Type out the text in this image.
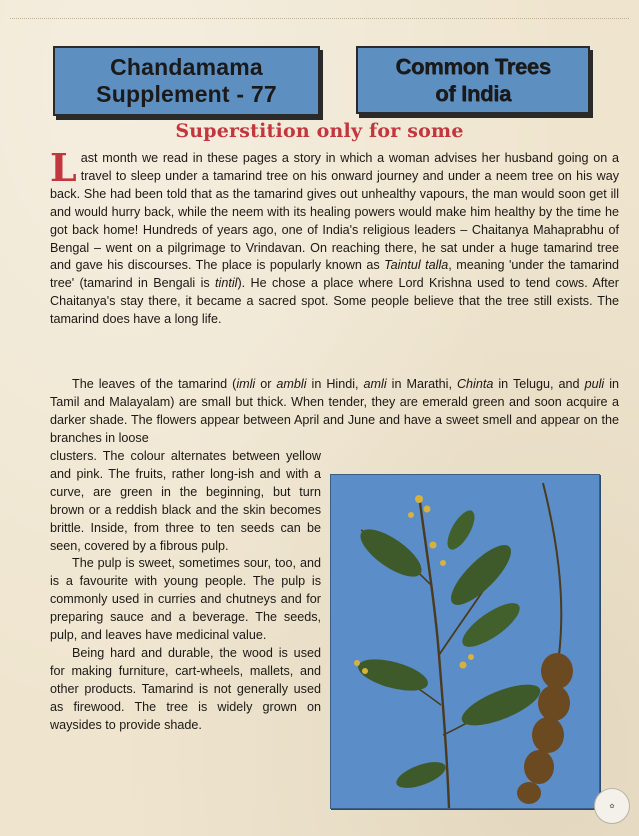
Chandamama
Supplement - 77
Common Trees
of India
Superstition only for some

Last month we read in these pages a story in which a woman advises her husband going on a travel to sleep under a tamarind tree on his onward journey and under a neem tree on his way back. She had been told that as the tamarind gives out unhealthy vapours, the man would soon get ill and would hurry back, while the neem with its healing powers would make him healthy by the time he got back home! Hundreds of years ago, one of India's religious leaders – Chaitanya Mahaprabhu of Bengal – went on a pilgrimage to Vrindavan. On reaching there, he sat under a huge tamarind tree and gave his discourses. The place is popularly known as Taintul talla, meaning 'under the tamarind tree' (tamarind in Bengali is tintil). He chose a place where Lord Krishna used to tend cows. After Chaitanya's stay there, it became a sacred spot. Some people believe that the tree still exists. The tamarind does have a long life.

The leaves of the tamarind (imli or ambli in Hindi, amli in Marathi, Chinta in Telugu, and puli in Tamil and Malayalam) are small but thick. When tender, they are emerald green and soon acquire a darker shade. The flowers appear between April and June and have a sweet smell and appear on the branches in loose

clusters. The colour alternates between yellow and pink. The fruits, rather long-ish and with a curve, are green in the beginning, but turn brown or a reddish black and the skin becomes brittle. Inside, from three to ten seeds can be seen, covered by a fibrous pulp.

The pulp is sweet, sometimes sour, too, and is a favourite with young people. The pulp is commonly used in curries and chutneys and for preparing sauce and a beverage. The seeds, pulp, and leaves have medicinal value.

Being hard and durable, the wood is used for making furniture, cart-wheels, mallets, and other products. Tamarind is not generally used as firewood. The tree is widely grown on waysides to provide shade.

✿
